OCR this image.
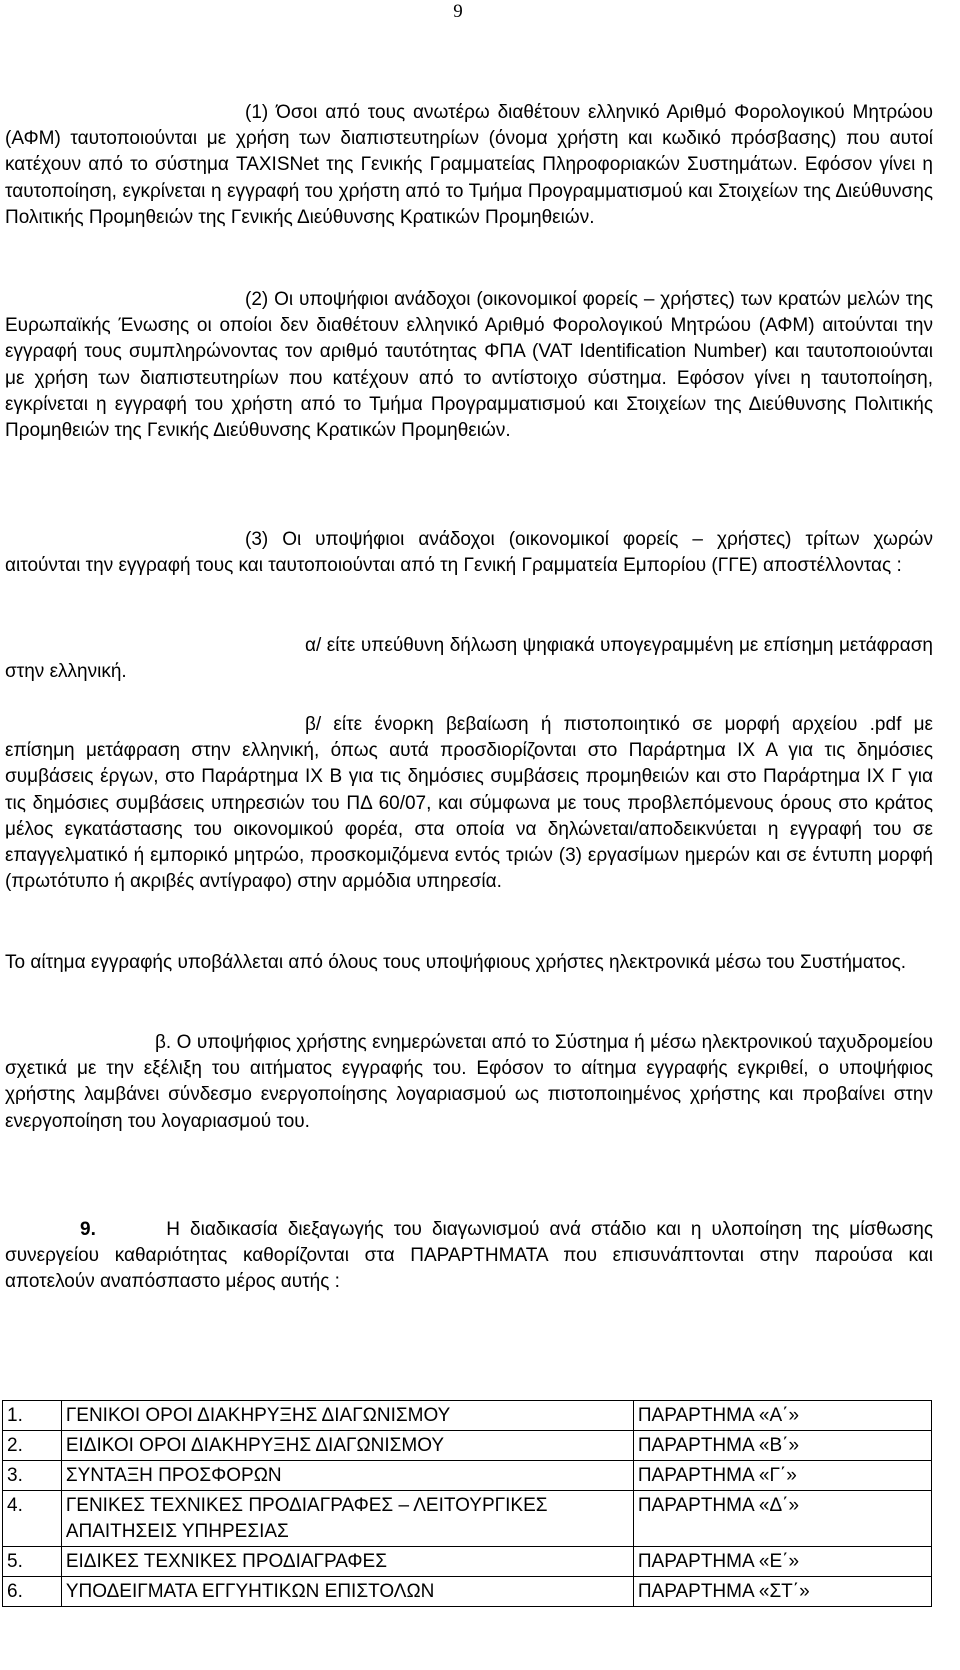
9

(1) Όσοι από τους ανωτέρω διαθέτουν ελληνικό Αριθμό Φορολογικού Μητρώου (ΑΦΜ) ταυτοποιούνται με χρήση των διαπιστευτηρίων (όνομα χρήστη και κωδικό πρόσβασης) που αυτοί κατέχουν από το σύστημα TAXISNet της Γενικής Γραμματείας Πληροφοριακών Συστημάτων. Εφόσον γίνει η ταυτοποίηση, εγκρίνεται η εγγραφή του χρήστη από το Τμήμα Προγραμματισμού και Στοιχείων της Διεύθυνσης Πολιτικής Προμηθειών της Γενικής Διεύθυνσης Κρατικών Προμηθειών.

(2) Οι υποψήφιοι ανάδοχοι (οικονομικοί φορείς – χρήστες) των κρατών μελών της Ευρωπαϊκής Ένωσης οι οποίοι δεν διαθέτουν ελληνικό Αριθμό Φορολογικού Μητρώου (ΑΦΜ) αιτούνται την εγγραφή τους συμπληρώνοντας τον αριθμό ταυτότητας ΦΠΑ (VAT Identification Number) και ταυτοποιούνται με χρήση των διαπιστευτηρίων που κατέχουν από το αντίστοιχο σύστημα. Εφόσον γίνει η ταυτοποίηση, εγκρίνεται η εγγραφή του χρήστη από το Τμήμα Προγραμματισμού και Στοιχείων της Διεύθυνσης Πολιτικής Προμηθειών της Γενικής Διεύθυνσης Κρατικών Προμηθειών.

(3) Οι υποψήφιοι ανάδοχοι (οικονομικοί φορείς – χρήστες) τρίτων χωρών αιτούνται την εγγραφή τους και ταυτοποιούνται από τη Γενική Γραμματεία Εμπορίου (ΓΓΕ) αποστέλλοντας :

α/ είτε υπεύθυνη δήλωση ψηφιακά υπογεγραμμένη με επίσημη μετάφραση στην ελληνική.

β/ είτε ένορκη βεβαίωση ή πιστοποιητικό σε μορφή αρχείου .pdf με επίσημη μετάφραση στην ελληνική, όπως αυτά προσδιορίζονται στο Παράρτημα IX A για τις δημόσιες συμβάσεις έργων, στο Παράρτημα IX Β για τις δημόσιες συμβάσεις προμηθειών και στο Παράρτημα IX Γ για τις δημόσιες συμβάσεις υπηρεσιών του ΠΔ 60/07, και σύμφωνα με τους προβλεπόμενους όρους στο κράτος μέλος εγκατάστασης του οικονομικού φορέα, στα οποία να δηλώνεται/αποδεικνύεται η εγγραφή του σε επαγγελματικό ή εμπορικό μητρώο, προσκομιζόμενα εντός τριών (3) εργασίμων ημερών και σε έντυπη μορφή (πρωτότυπο ή ακριβές αντίγραφο) στην αρμόδια υπηρεσία.

Το αίτημα εγγραφής υποβάλλεται από όλους τους υποψήφιους χρήστες ηλεκτρονικά μέσω του Συστήματος.

β. Ο υποψήφιος χρήστης ενημερώνεται από το Σύστημα ή μέσω ηλεκτρονικού ταχυδρομείου σχετικά με την εξέλιξη του αιτήματος εγγραφής του. Εφόσον το αίτημα εγγραφής εγκριθεί, ο υποψήφιος χρήστης λαμβάνει σύνδεσμο ενεργοποίησης λογαριασμού ως πιστοποιημένος χρήστης και προβαίνει στην ενεργοποίηση του λογαριασμού του.

9.	Η διαδικασία διεξαγωγής του διαγωνισμού ανά στάδιο και η υλοποίηση της μίσθωσης συνεργείου καθαριότητας καθορίζονται στα ΠΑΡΑΡΤΗΜΑΤΑ που επισυνάπτονται στην παρούσα και αποτελούν αναπόσπαστο μέρος αυτής :

1.	ΓΕΝΙΚΟΙ ΟΡΟΙ ΔΙΑΚΗΡΥΞΗΣ ΔΙΑΓΩΝΙΣΜΟΥ	ΠΑΡΑΡΤΗΜΑ «Α΄»
2.	ΕΙΔΙΚΟΙ ΟΡΟΙ ΔΙΑΚΗΡΥΞΗΣ ΔΙΑΓΩΝΙΣΜΟΥ	ΠΑΡΑΡΤΗΜΑ «Β΄»
3.	ΣΥΝΤΑΞΗ ΠΡΟΣΦΟΡΩΝ	ΠΑΡΑΡΤΗΜΑ «Γ΄»
4.	ΓΕΝΙΚΕΣ ΤΕΧΝΙΚΕΣ ΠΡΟΔΙΑΓΡΑΦΕΣ – ΛΕΙΤΟΥΡΓΙΚΕΣ ΑΠΑΙΤΗΣΕΙΣ ΥΠΗΡΕΣΙΑΣ	ΠΑΡΑΡΤΗΜΑ «Δ΄»
5.	ΕΙΔΙΚΕΣ ΤΕΧΝΙΚΕΣ ΠΡΟΔΙΑΓΡΑΦΕΣ	ΠΑΡΑΡΤΗΜΑ «Ε΄»
6.	ΥΠΟΔΕΙΓΜΑΤΑ ΕΓΓΥΗΤΙΚΩΝ ΕΠΙΣΤΟΛΩΝ	ΠΑΡΑΡΤΗΜΑ «ΣΤ΄»
